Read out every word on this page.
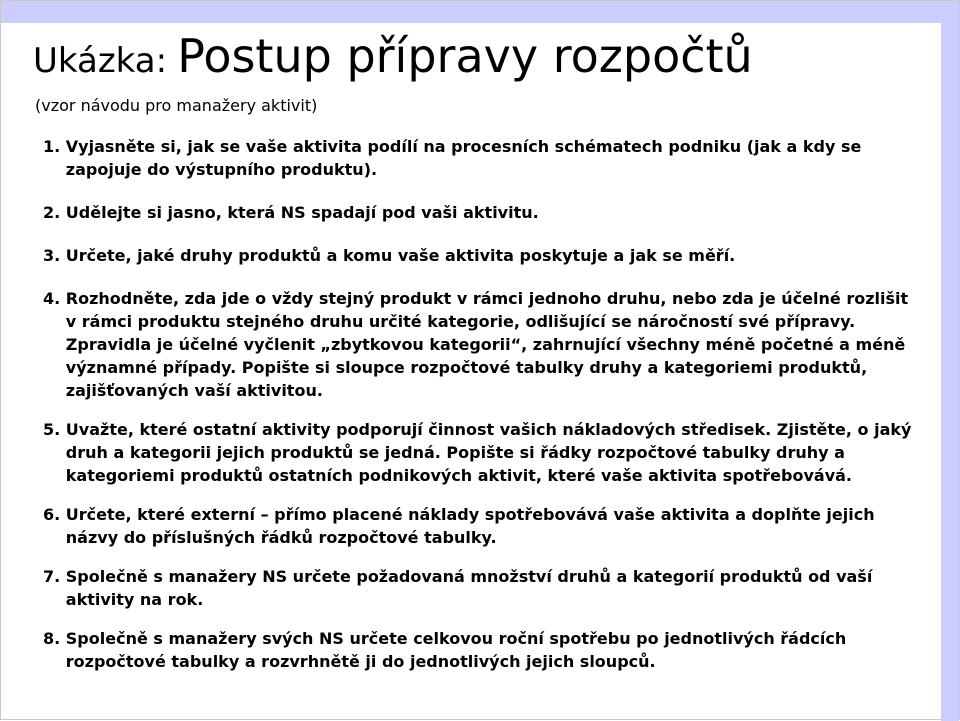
Ukázka: Postup přípravy rozpočtů

(vzor návodu pro manažery aktivit)

1. Vyjasněte si, jak se vaše aktivita podílí na procesních schématech podniku (jak a kdy se zapojuje do výstupního produktu).
2. Udělejte si jasno, která NS spadají pod vaši aktivitu.
3. Určete, jaké druhy produktů a komu vaše aktivita poskytuje a jak se měří.
4. Rozhodněte, zda jde o vždy stejný produkt v rámci jednoho druhu, nebo zda je účelné rozlišit v rámci produktu stejného druhu určité kategorie, odlišující se náročností své přípravy. Zpravidla je účelné vyčlenit „zbytkovou kategorii“, zahrnující všechny méně početné a méně významné případy. Popište si sloupce rozpočtové tabulky druhy a kategoriemi produktů, zajišťovaných vaší aktivitou.
5. Uvažte, které ostatní aktivity podporují činnost vašich nákladových středisek. Zjistěte, o jaký druh a kategorii jejich produktů se jedná. Popište si řádky rozpočtové tabulky druhy a kategoriemi produktů ostatních podnikových aktivit, které vaše aktivita spotřebovává.
6. Určete, které externí – přímo placené náklady spotřebovává vaše aktivita a doplňte jejich názvy do příslušných řádků rozpočtové tabulky.
7. Společně s manažery NS určete požadovaná množství druhů a kategorií produktů od vaší aktivity na rok.
8. Společně s manažery svých NS určete celkovou roční spotřebu po jednotlivých řádcích rozpočtové tabulky a rozvrhnětě ji do jednotlivých jejich sloupců.
